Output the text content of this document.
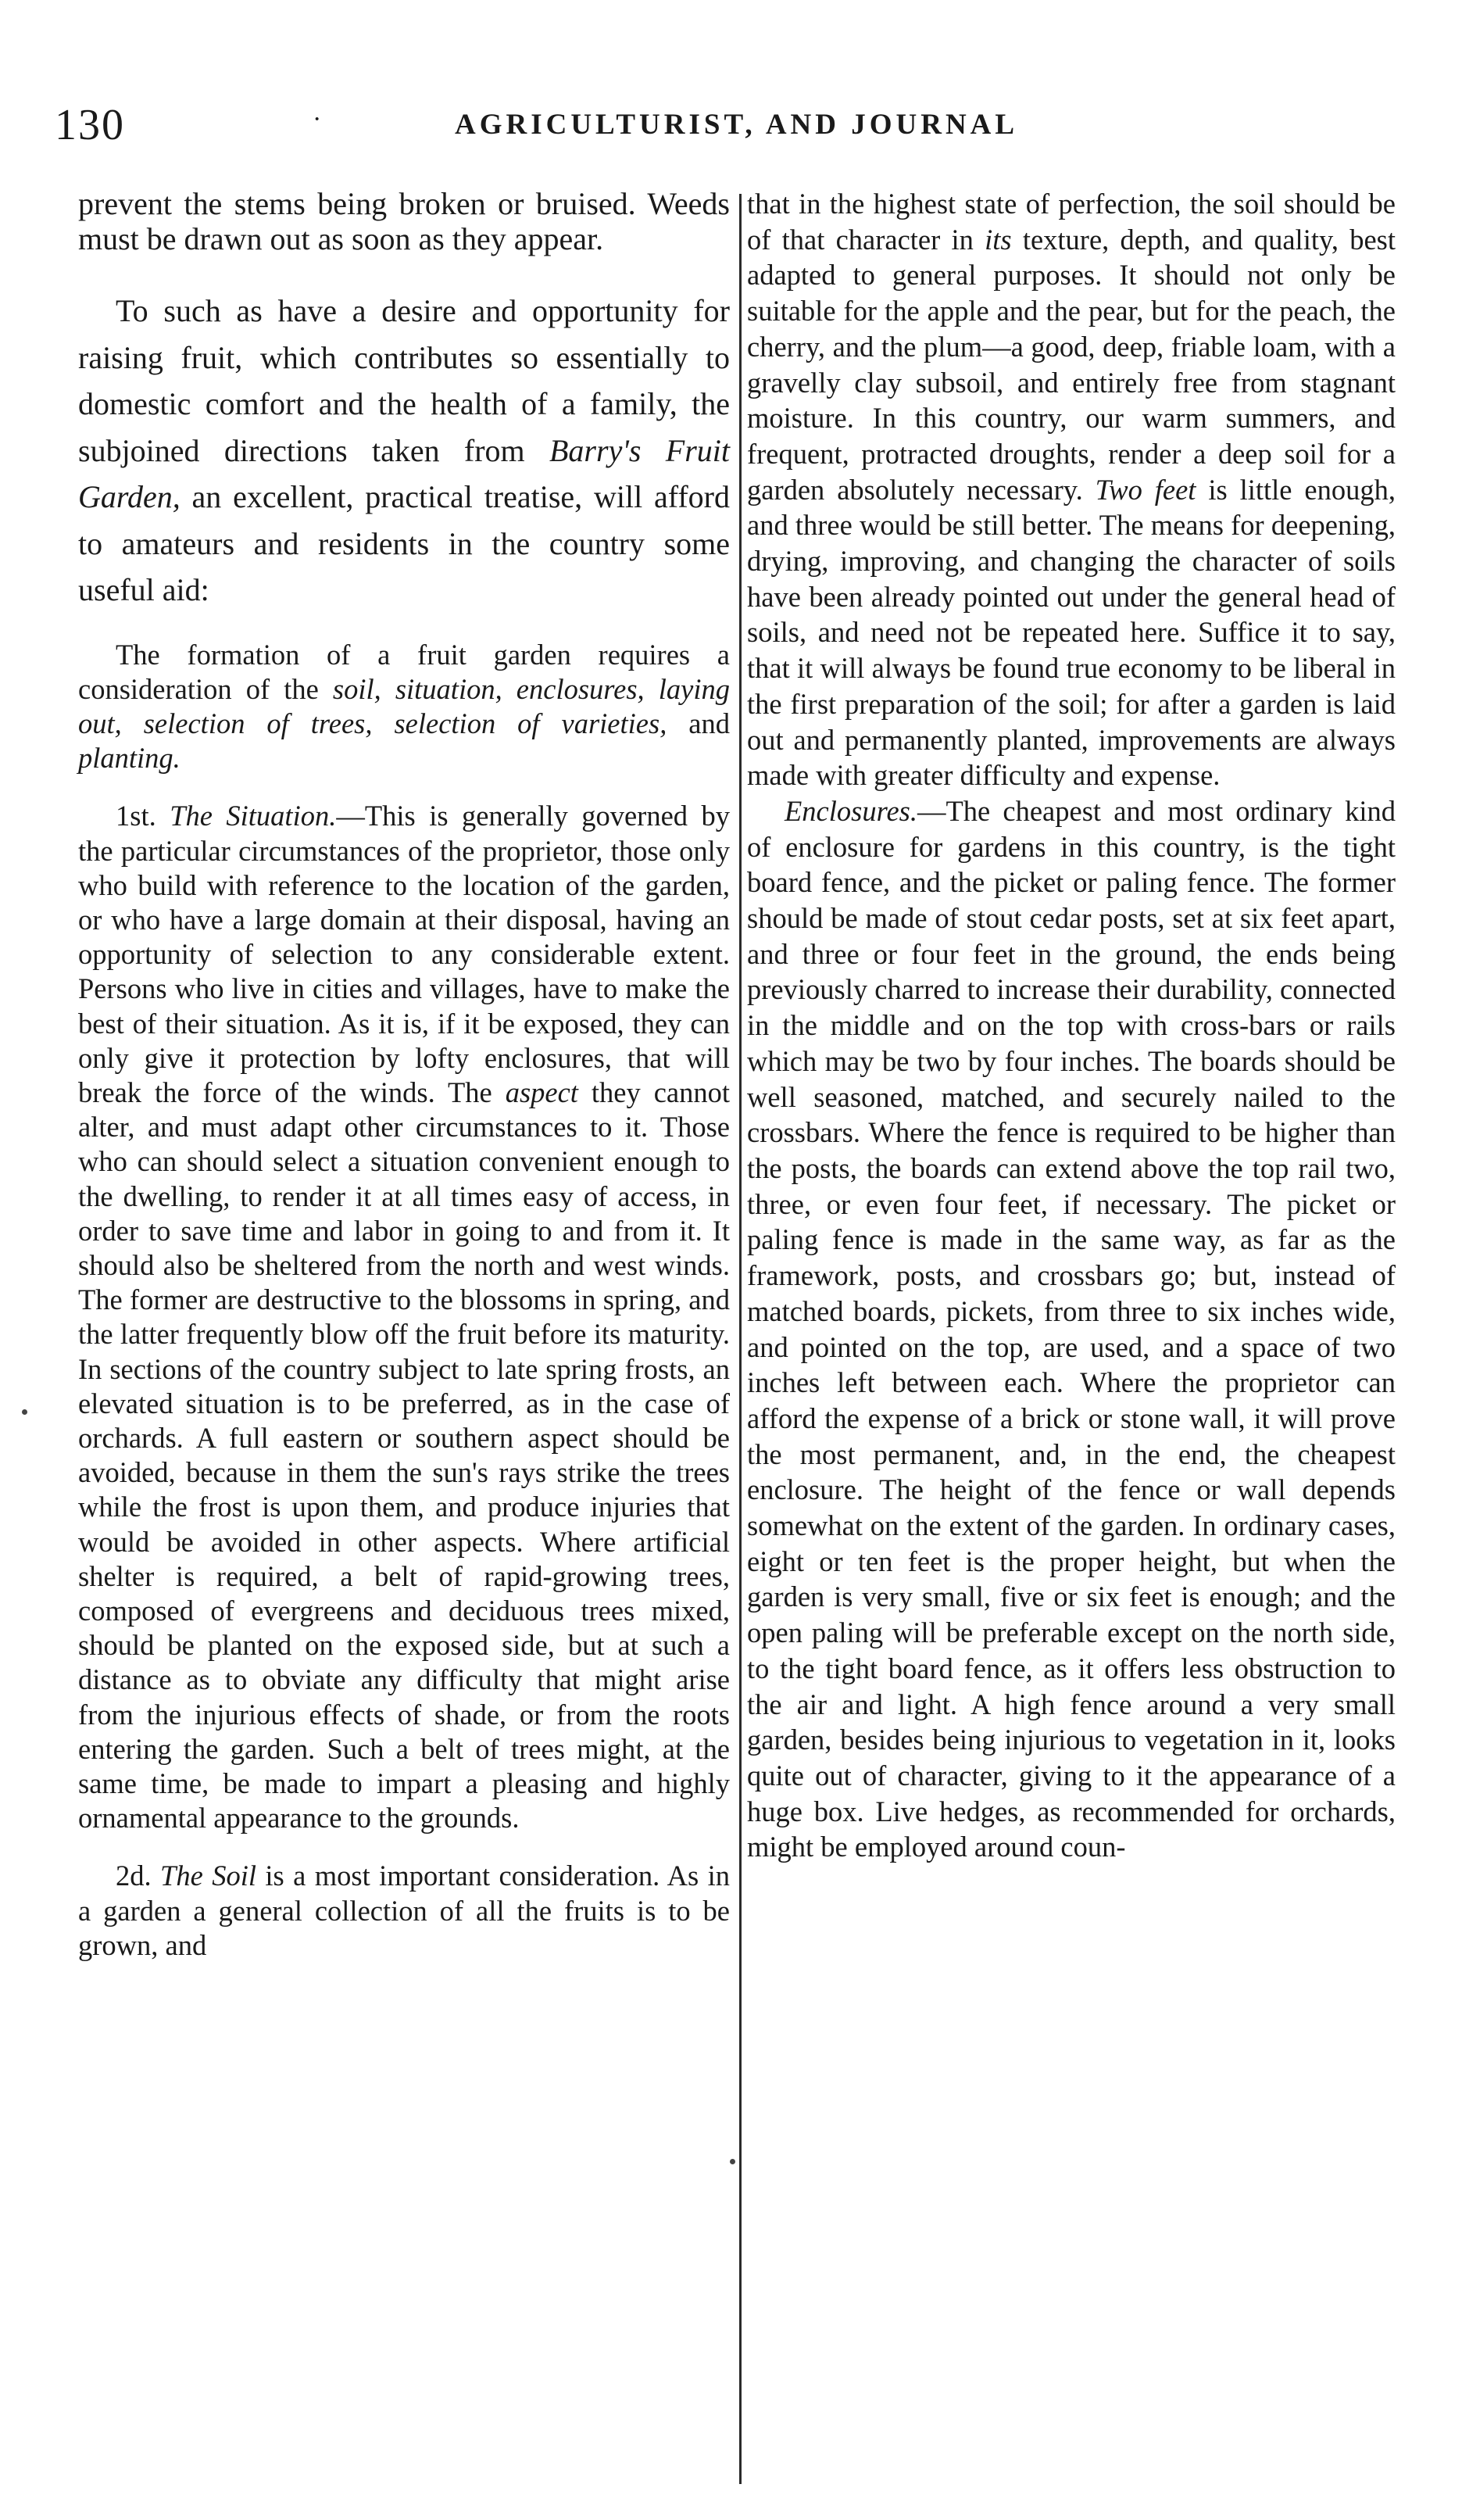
130	·	AGRICULTURIST, AND JOURNAL

prevent the stems being broken or bruised. Weeds must be drawn out as soon as they appear.

To such as have a desire and opportunity for raising fruit, which contributes so essentially to domestic comfort and the health of a family, the subjoined directions taken from Barry's Fruit Garden, an excellent, practical treatise, will afford to amateurs and residents in the country some useful aid:

The formation of a fruit garden requires a consideration of the soil, situation, enclosures, laying out, selection of trees, selection of varieties, and planting.

1st. The Situation.—This is generally governed by the particular circumstances of the proprietor, those only who build with reference to the location of the garden, or who have a large domain at their disposal, having an opportunity of selection to any considerable extent. Persons who live in cities and villages, have to make the best of their situation. As it is, if it be exposed, they can only give it protection by lofty enclosures, that will break the force of the winds. The aspect they cannot alter, and must adapt other circumstances to it. Those who can should select a situation convenient enough to the dwelling, to render it at all times easy of access, in order to save time and labor in going to and from it. It should also be sheltered from the north and west winds. The former are destructive to the blossoms in spring, and the latter frequently blow off the fruit before its maturity. In sections of the country subject to late spring frosts, an elevated situation is to be preferred, as in the case of orchards. A full eastern or southern aspect should be avoided, because in them the sun's rays strike the trees while the frost is upon them, and produce injuries that would be avoided in other aspects. Where artificial shelter is required, a belt of rapid-growing trees, composed of evergreens and deciduous trees mixed, should be planted on the exposed side, but at such a distance as to obviate any difficulty that might arise from the injurious effects of shade, or from the roots entering the garden. Such a belt of trees might, at the same time, be made to impart a pleasing and highly ornamental appearance to the grounds.

2d. The Soil is a most important consideration. As in a garden a general collection of all the fruits is to be grown, and

that in the highest state of perfection, the soil should be of that character in its texture, depth, and quality, best adapted to general purposes. It should not only be suitable for the apple and the pear, but for the peach, the cherry, and the plum—a good, deep, friable loam, with a gravelly clay subsoil, and entirely free from stagnant moisture. In this country, our warm summers, and frequent, protracted droughts, render a deep soil for a garden absolutely necessary. Two feet is little enough, and three would be still better. The means for deepening, drying, improving, and changing the character of soils have been already pointed out under the general head of soils, and need not be repeated here. Suffice it to say, that it will always be found true economy to be liberal in the first preparation of the soil; for after a garden is laid out and permanently planted, improvements are always made with greater difficulty and expense.

Enclosures.—The cheapest and most ordinary kind of enclosure for gardens in this country, is the tight board fence, and the picket or paling fence. The former should be made of stout cedar posts, set at six feet apart, and three or four feet in the ground, the ends being previously charred to increase their durability, connected in the middle and on the top with cross-bars or rails which may be two by four inches. The boards should be well seasoned, matched, and securely nailed to the crossbars. Where the fence is required to be higher than the posts, the boards can extend above the top rail two, three, or even four feet, if necessary. The picket or paling fence is made in the same way, as far as the framework, posts, and crossbars go; but, instead of matched boards, pickets, from three to six inches wide, and pointed on the top, are used, and a space of two inches left between each. Where the proprietor can afford the expense of a brick or stone wall, it will prove the most permanent, and, in the end, the cheapest enclosure. The height of the fence or wall depends somewhat on the extent of the garden. In ordinary cases, eight or ten feet is the proper height, but when the garden is very small, five or six feet is enough; and the open paling will be preferable except on the north side, to the tight board fence, as it offers less obstruction to the air and light. A high fence around a very small garden, besides being injurious to vegetation in it, looks quite out of character, giving to it the appearance of a huge box. Live hedges, as recommended for orchards, might be employed around coun-
